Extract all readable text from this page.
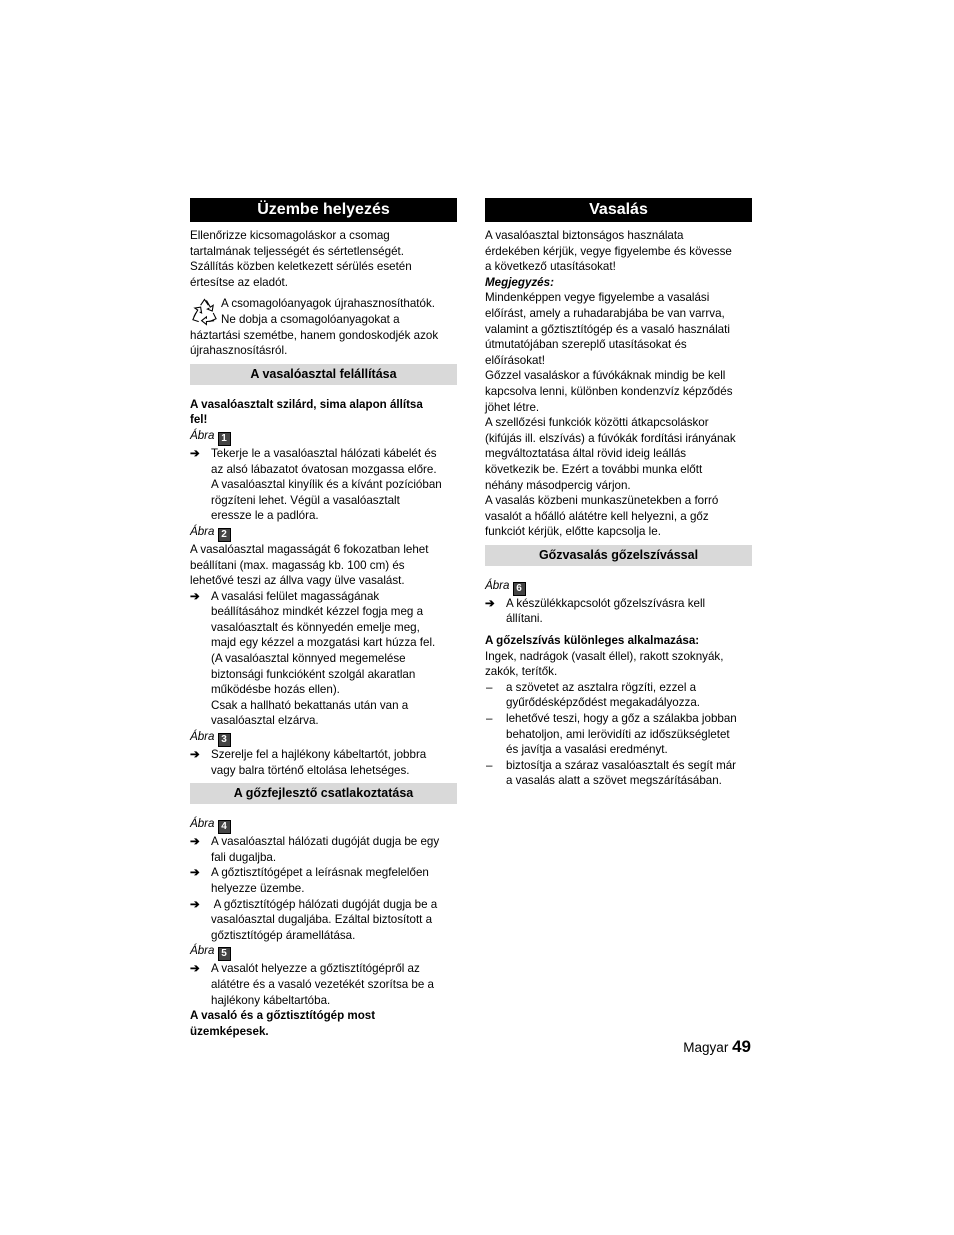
Üzembe helyezés

Ellenőrizze kicsomagoláskor a csomag

tartalmának teljességét és sértetlenségét.

Szállítás közben keletkezett sérülés esetén

értesítse az eladót.

A csomagolóanyagok újrahasznosíthatók.

Ne dobja a csomagolóanyagokat a

háztartási szemétbe, hanem gondoskodjék azok

újrahasznosításról.

A vasalóasztal felállítása

A vasalóasztalt szilárd, sima alapon állítsa

fel!

Ábra 1

➔ Tekerje le a vasalóasztal hálózati kábelét és

az alsó lábazatot óvatosan mozgassa előre.

A vasalóasztal kinyílik és a kívánt pozícióban

rögzíteni lehet. Végül a vasalóasztalt

eressze le a padlóra.

Ábra 2

A vasalóasztal magasságát 6 fokozatban lehet

beállítani (max. magasság kb. 100 cm) és

lehetővé teszi az állva vagy ülve vasalást.

➔ A vasalási felület magasságának

beállításához mindkét kézzel fogja meg a

vasalóasztalt és könnyedén emelje meg,

majd egy kézzel a mozgatási kart húzza fel.

(A vasalóasztal könnyed megemelése

biztonsági funkcióként szolgál akaratlan

működésbe hozás ellen).

Csak a hallható bekattanás után van a

vasalóasztal elzárva.

Ábra 3

➔ Szerelje fel a hajlékony kábeltartót, jobbra

vagy balra történő eltolása lehetséges.

A gőzfejlesztő csatlakoztatása

Ábra 4

➔ A vasalóasztal hálózati dugóját dugja be egy

fali dugaljba.

➔ A gőztisztítógépet a leírásnak megfelelően

helyezze üzembe.

➔ A gőztisztítógép hálózati dugóját dugja be a

vasalóasztal dugaljába. Ezáltal biztosított a

gőztisztítógép áramellátása.

Ábra 5

➔ A vasalót helyezze a gőztisztítógépről az

alátétre és a vasaló vezetékét szorítsa be a

hajlékony kábeltartóba.

A vasaló és a gőztisztítógép most

üzemképesek.

Vasalás

A vasalóasztal biztonságos használata

érdekében kérjük, vegye figyelembe és kövesse

a következő utasításokat!

Megjegyzés:

Mindenképpen vegye figyelembe a vasalási

előírást, amely a ruhadarabjába be van varrva,

valamint a gőztisztítógép és a vasaló használati

útmutatójában szereplő utasításokat és

előírásokat!

Gőzzel vasaláskor a fúvókáknak mindig be kell

kapcsolva lenni, különben kondenzvíz képződés

jöhet létre.

A szellőzési funkciók közötti átkapcsoláskor

(kifújás ill. elszívás) a fúvókák fordítási irányának

megváltoztatása által rövid ideig leállás

következik be. Ezért a további munka előtt

néhány másodpercig várjon.

A vasalás közbeni munkaszünetekben a forró

vasalót a hőálló alátétre kell helyezni, a gőz

funkciót kérjük, előtte kapcsolja le.

Gőzvasalás gőzelszívással

Ábra 6

➔ A készülékkapcsolót gőzelszívásra kell

állítani.

A gőzelszívás különleges alkalmazása:

Ingek, nadrágok (vasalt éllel), rakott szoknyák,

zakók, terítők.

–	a szövetet az asztalra rögzíti, ezzel a

gyűrődésképződést megakadályozza.

–	lehetővé teszi, hogy a gőz a szálakba jobban

behatoljon, ami lerövidíti az időszükségletet

és javítja a vasalási eredményt.

–	biztosítja a száraz vasalóasztalt és segít már

a vasalás alatt a szövet megszárításában.

Magyar 49
